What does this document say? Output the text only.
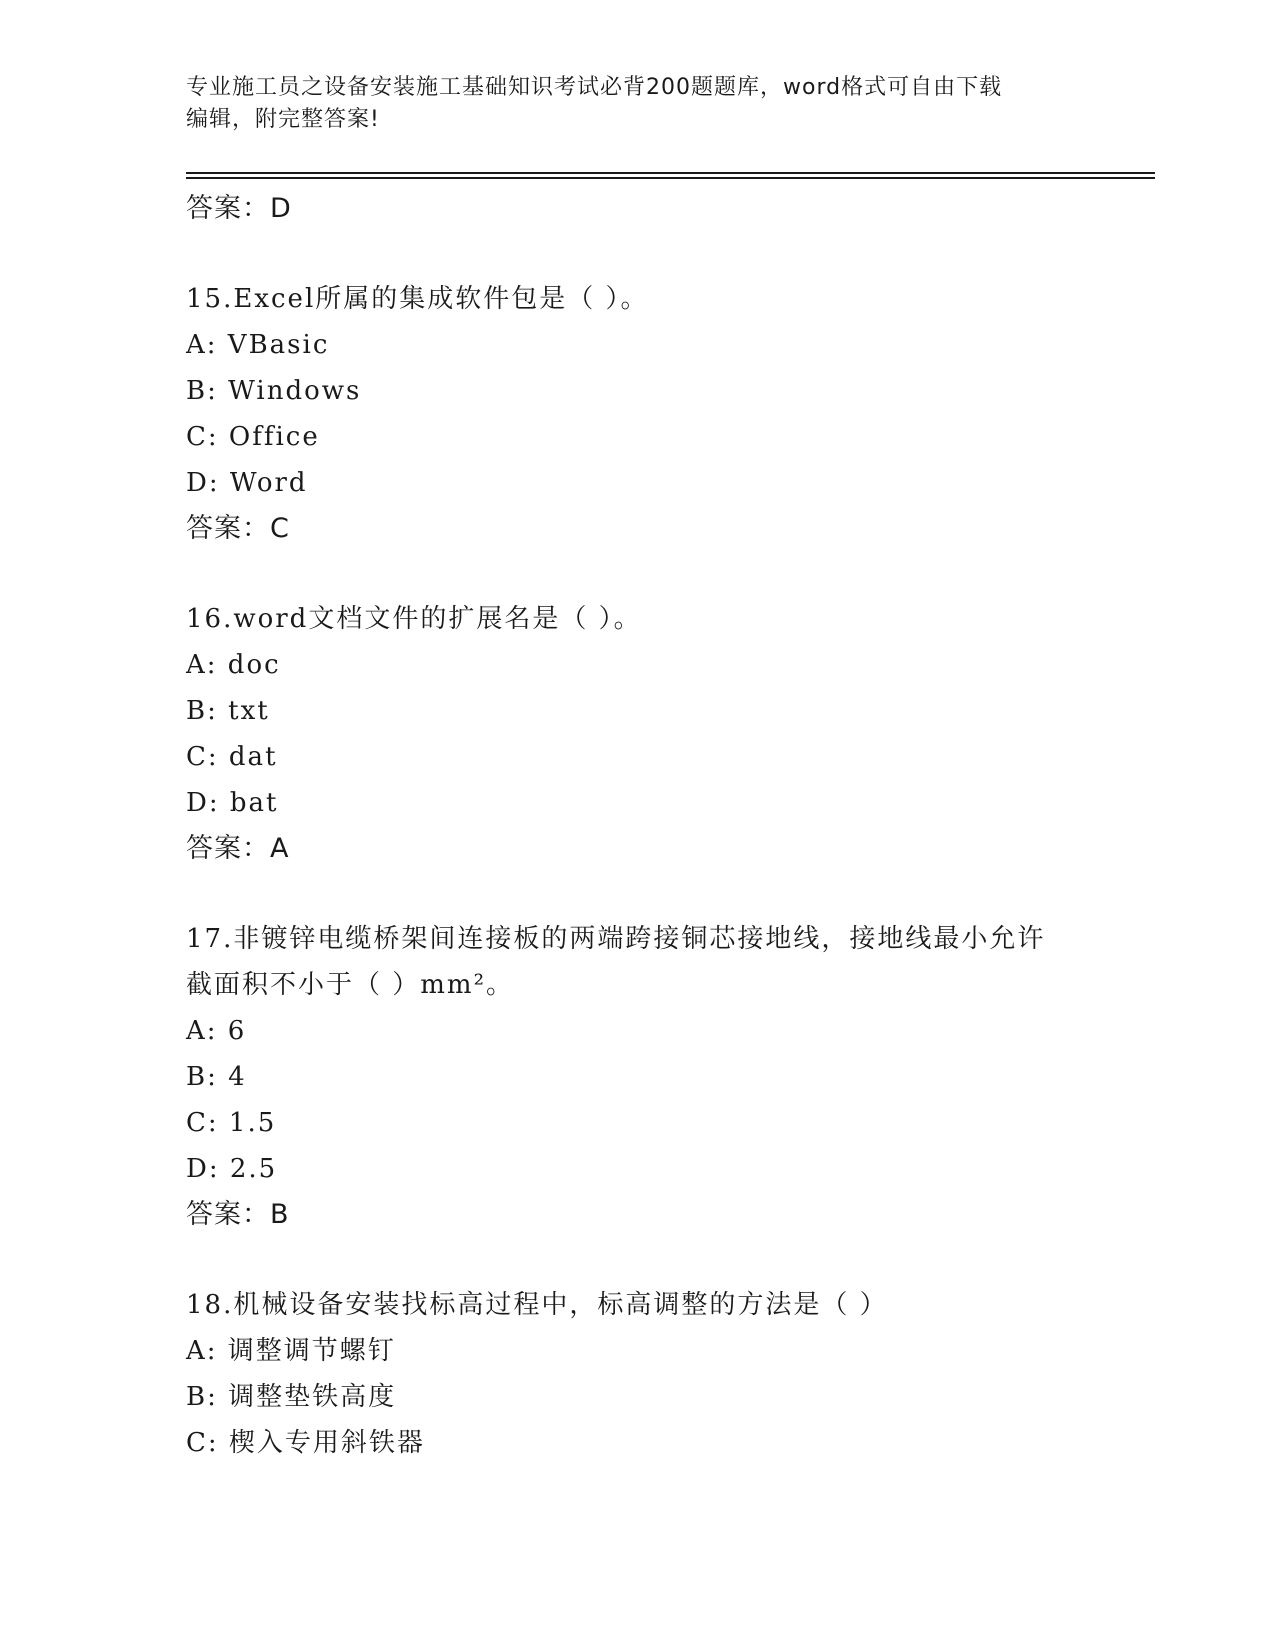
专业施工员之设备安装施工基础知识考试必背200题题库，word格式可自由下载
编辑，附完整答案!
答案：D
15.Excel所属的集成软件包是（ ）。
A: VBasic
B: Windows
C: Office
D: Word
答案：C
16.word文档文件的扩展名是（ ）。
A: doc
B: txt
C: dat
D: bat
答案：A
17.非镀锌电缆桥架间连接板的两端跨接铜芯接地线，接地线最小允许
截面积不小于（ ）mm²。
A: 6
B: 4
C: 1.5
D: 2.5
答案：B
18.机械设备安装找标高过程中，标高调整的方法是（ ）
A: 调整调节螺钉
B: 调整垫铁高度
C: 楔入专用斜铁器
